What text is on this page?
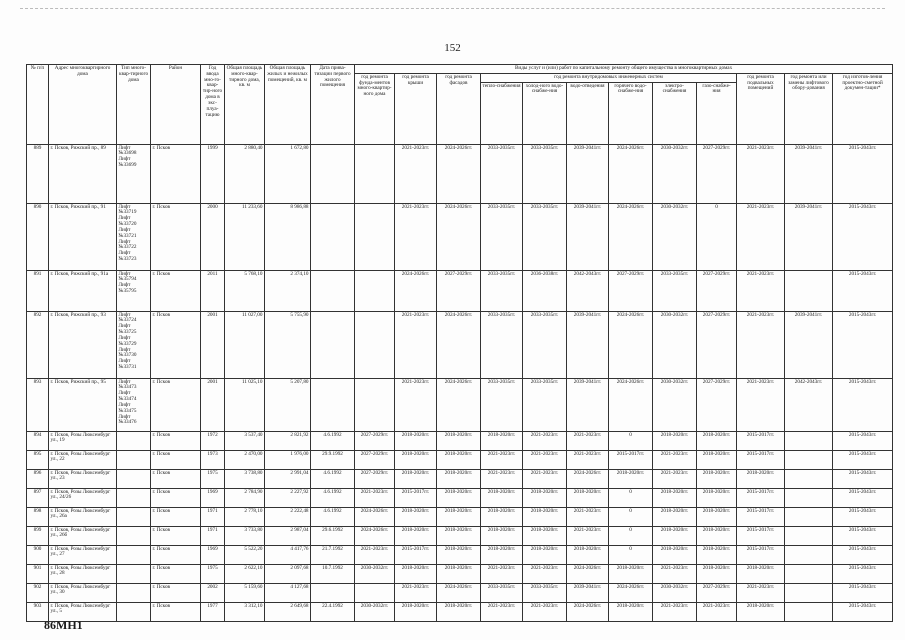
152
№ п/п	Адрес многоквартирного дома	Тип много-квар-тирного дома	Район	Год ввода мно-го-квар-тир-ного дома в экс-плуа-тацию	Общая площадь много-квар-тирного дома, кв. м	Общая площадь жилых и нежилых помещений, кв. м	Дата прива-тизации первого жилого помещения	Виды услуг и (или) работ по капитальному ремонту общего имущества в многоквартирных домах											
								год ремонта фунда-ментов много-квартир-ного дома	год ремонта крыши	год ремонта фасадов	год ремонта внутридомовых инженерных систем						год ремонта подвальных помещений	год ремонта или замены лифтового обору-дования	год изготов-ления проектно-сметной докумен-тации*
											тепло-снабжения	холод-ного водо-снабже-ния	водо-отведения	горячего водо-снабже-ния	электро-снабжения	газо-снабже-ния			
889	г. Псков, Рижский пр., 89	Лифт №33698
Лифт №33699	г. Псков	1999	2 880,40	1 672,80			2021-2023гг.	2024-2026гг.	2033-2035гг.	2033-2035гг.	2039-2041гг.	2024-2026гг.	2030-2032гг.	2027-2029гг.	2021-2023гг.	2039-2041гг.	2015-2043гг.
890	г. Псков, Рижский пр., 91	Лифт №33719
Лифт №33720
Лифт №33721
Лифт №33722
Лифт №33723	г. Псков	2000	11 233,60	8 986,88			2021-2023гг.	2024-2026гг.	2033-2035гг.	2033-2035гг.	2039-2041гг.	2024-2026гг.	2030-2032гг.	0	2021-2023гг.	2039-2041гг.	2015-2043гг.
891	г. Псков, Рижский пр., 91а	Лифт №35794
Лифт №35795	г. Псков	2011	5 768,10	2 374,10			2024-2026гг.	2027-2029гг.	2033-2035гг.	2036-2038гг.	2042-2043гг.	2027-2029гг.	2033-2035гг.	2027-2029гг.	2021-2023гг.		2015-2043гг.
892	г. Псков, Рижский пр., 93	Лифт №33724
Лифт №33725
Лифт №33729
Лифт №33730
Лифт №33731	г. Псков	2001	11 027,00	5 755,90			2021-2023гг.	2024-2026гг.	2033-2035гг.	2033-2035гг.	2039-2041гг.	2024-2026гг.	2030-2032гг.	2027-2029гг.	2021-2023гг.	2039-2041гг.	2015-2043гг.
893	г. Псков, Рижский пр., 95	Лифт №33473
Лифт №33474
Лифт №33475
Лифт №33476	г. Псков	2001	11 025,10	5 207,80			2021-2023гг.	2024-2026гг.	2033-2035гг.	2033-2035гг.	2039-2041гг.	2024-2026гг.	2030-2032гг.	2027-2029гг.	2021-2023гг.	2042-2043гг.	2015-2043гг.
894	г. Псков, Розы Люксембург ул., 19		г. Псков	1972	3 537,40	2 821,92	4.6.1992	2027-2029гг.	2018-2020гг.	2018-2020гг.	2018-2020гг.	2021-2023гг.	2021-2023гг.	0	2018-2020гг.	2018-2020гг.	2015-2017гг.		2015-2043гг.
895	г. Псков, Розы Люксембург ул., 22		г. Псков	1973	2 470,00	1 976,00	29.9.1992	2027-2029гг.	2018-2020гг.	2018-2020гг.	2021-2023гг.	2021-2023гг.	2021-2023гг.	2015-2017гг.	2021-2023гг.	2018-2020гг.	2015-2017гг.		2015-2043гг.
896	г. Псков, Розы Люксембург ул., 23		г. Псков	1975	3 738,80	2 991,04	4.6.1992	2027-2029гг.	2018-2020гг.	2018-2020гг.	2021-2023гг.	2021-2023гг.	2024-2026гг.	2018-2020гг.	2021-2023гг.	2018-2020гг.	2018-2020гг.		2015-2043гг.
897	г. Псков, Розы Люксембург ул., 24/26		г. Псков	1969	2 784,90	2 227,92	4.6.1992	2021-2023гг.	2015-2017гг.	2018-2020гг.	2018-2020гг.	2018-2020гг.	2018-2020гг.	0	2018-2020гг.	2018-2020гг.	2015-2017гг.		2015-2043гг.
898	г. Псков, Розы Люксембург ул., 26а		г. Псков	1971	2 778,10	2 222,48	4.6.1992	2024-2026гг.	2018-2020гг.	2018-2020гг.	2018-2020гг.	2018-2020гг.	2021-2023гг.	0	2018-2020гг.	2018-2020гг.	2015-2017гг.		2015-2043гг.
899	г. Псков, Розы Люксембург ул., 26б		г. Псков	1971	3 733,80	2 987,04	29.6.1992	2024-2026гг.	2018-2020гг.	2018-2020гг.	2018-2020гг.	2018-2020гг.	2021-2023гг.	0	2018-2020гг.	2018-2020гг.	2015-2017гг.		2015-2043гг.
900	г. Псков, Розы Люксембург ул., 27		г. Псков	1969	5 522,20	4 417,76	21.7.1992	2021-2023гг.	2015-2017гг.	2018-2020гг.	2018-2020гг.	2018-2020гг.	2018-2020гг.	0	2018-2020гг.	2018-2020гг.	2015-2017гг.		2015-2043гг.
901	г. Псков, Розы Люксембург ул., 28		г. Псков	1975	2 622,10	2 097,68	10.7.1992	2030-2032гг.	2018-2020гг.	2018-2020гг.	2021-2023гг.	2021-2023гг.	2024-2026гг.	2018-2020гг.	2021-2023гг.	2018-2020гг.	2018-2020гг.		2015-2043гг.
902	г. Псков, Розы Люксембург ул., 30		г. Псков	2002	5 159,60	4 127,68			2021-2023гг.	2024-2026гг.	2033-2035гг.	2033-2035гг.	2039-2041гг.	2024-2026гг.	2030-2032гг.	2027-2029гг.	2021-2023гг.		2015-2043гг.
903	г. Псков, Розы Люксембург ул., 5		г. Псков	1977	3 312,10	2 649,68	22.4.1992	2030-2032гг.	2018-2020гг.	2018-2020гг.	2021-2023гг.	2021-2023гг.	2024-2026гг.	2018-2020гг.	2021-2023гг.	2021-2023гг.	2018-2020гг.		2015-2043гг.
86МН1
